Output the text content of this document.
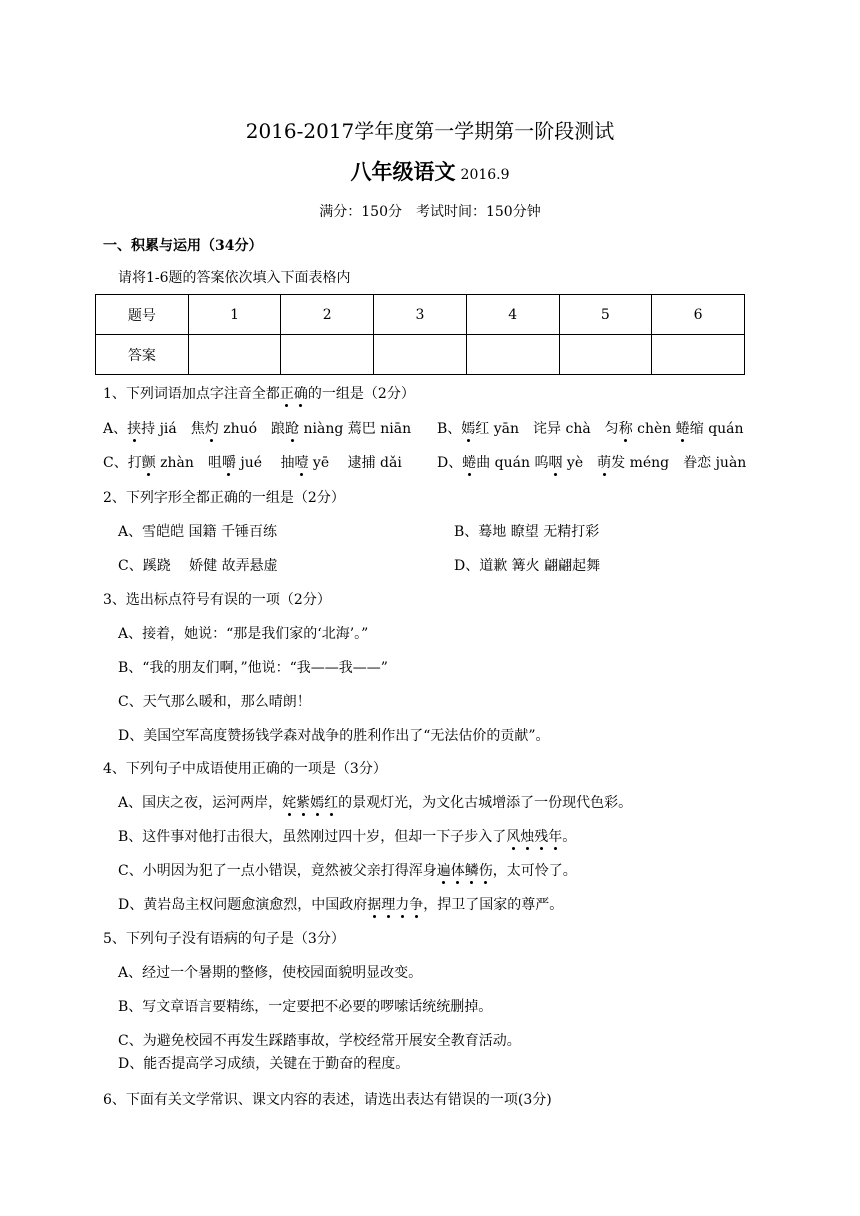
2016-2017学年度第一学期第一阶段测试
八年级语文 2016.9
满分：150分　考试时间：150分钟
一、积累与运用（34分）
请将1-6题的答案依次填入下面表格内
题号	1	2	3	4	5	6
答案						
1、下列词语加点字注音全都正确的一组是（2分）
A、挟持 jiá　焦灼 zhuó　踉跄 niàng 蔫巴 niān B、嫣红 yān　诧异 chà　匀称 chèn 蜷缩 quán
C、打颤 zhàn　咀嚼 jué　 抽噎 yē　 逮捕 dǎi	D、蜷曲 quán 呜咽 yè　萌发 méng　眷恋 juàn
2、下列字形全都正确的一组是（2分）
A、雪皑皑 国籍 千锤百练	B、蓦地 瞭望 无精打彩
C、蹊跷　 娇健 故弄悬虚	D、道歉 篝火 翩翩起舞
3、选出标点符号有误的一项（2分）
A、接着，她说：“那是我们家的‘北海’。”
B、“我的朋友们啊，”他说：“我——我——”
C、天气那么暖和，那么晴朗！
D、美国空军高度赞扬钱学森对战争的胜利作出了“无法估价的贡献”。
4、下列句子中成语使用正确的一项是（3分）
A、国庆之夜，运河两岸，姹紫嫣红的景观灯光，为文化古城增添了一份现代色彩。
B、这件事对他打击很大，虽然刚过四十岁，但却一下子步入了风烛残年。
C、小明因为犯了一点小错误，竟然被父亲打得浑身遍体鳞伤，太可怜了。
D、黄岩岛主权问题愈演愈烈，中国政府据理力争，捍卫了国家的尊严。
5、下列句子没有语病的句子是（3分）
A、经过一个暑期的整修，使校园面貌明显改变。
B、写文章语言要精练，一定要把不必要的啰嗦话统统删掉。
C、为避免校园不再发生踩踏事故，学校经常开展安全教育活动。
D、能否提高学习成绩，关键在于勤奋的程度。
6、下面有关文学常识、课文内容的表述，请选出表达有错误的一项(3分)
